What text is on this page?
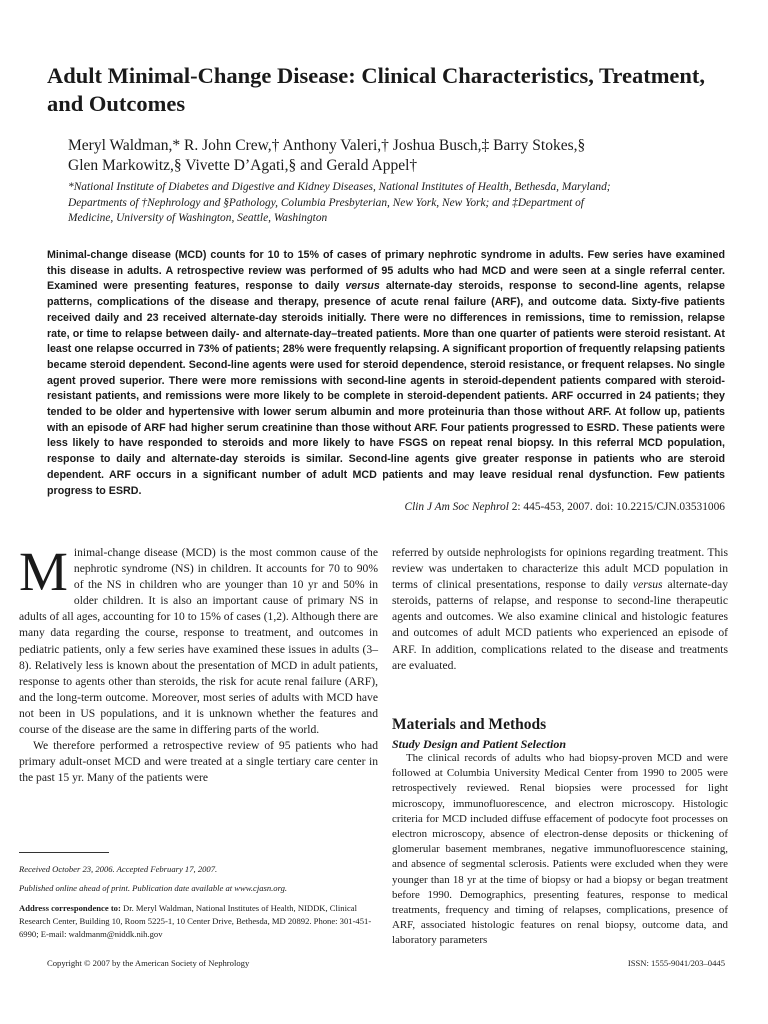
Adult Minimal-Change Disease: Clinical Characteristics, Treatment, and Outcomes
Meryl Waldman,* R. John Crew,† Anthony Valeri,† Joshua Busch,‡ Barry Stokes,§
Glen Markowitz,§ Vivette D’Agati,§ and Gerald Appel†
*National Institute of Diabetes and Digestive and Kidney Diseases, National Institutes of Health, Bethesda, Maryland;
Departments of †Nephrology and §Pathology, Columbia Presbyterian, New York, New York; and ‡Department of
Medicine, University of Washington, Seattle, Washington
Minimal-change disease (MCD) counts for 10 to 15% of cases of primary nephrotic syndrome in adults. Few series have examined this disease in adults. A retrospective review was performed of 95 adults who had MCD and were seen at a single referral center. Examined were presenting features, response to daily versus alternate-day steroids, response to second-line agents, relapse patterns, complications of the disease and therapy, presence of acute renal failure (ARF), and outcome data. Sixty-five patients received daily and 23 received alternate-day steroids initially. There were no differences in remissions, time to remission, relapse rate, or time to relapse between daily- and alternate-day–treated patients. More than one quarter of patients were steroid resistant. At least one relapse occurred in 73% of patients; 28% were frequently relapsing. A significant proportion of frequently relapsing patients became steroid dependent. Second-line agents were used for steroid dependence, steroid resistance, or frequent relapses. No single agent proved superior. There were more remissions with second-line agents in steroid-dependent patients compared with steroid-resistant patients, and remissions were more likely to be complete in steroid-dependent patients. ARF occurred in 24 patients; they tended to be older and hypertensive with lower serum albumin and more proteinuria than those without ARF. At follow up, patients with an episode of ARF had higher serum creatinine than those without ARF. Four patients progressed to ESRD. These patients were less likely to have responded to steroids and more likely to have FSGS on repeat renal biopsy. In this referral MCD population, response to daily and alternate-day steroids is similar. Second-line agents give greater response in patients who are steroid dependent. ARF occurs in a significant number of adult MCD patients and may leave residual renal dysfunction. Few patients progress to ESRD.
Clin J Am Soc Nephrol 2: 445-453, 2007. doi: 10.2215/CJN.03531006

Minimal-change disease (MCD) is the most common cause of the nephrotic syndrome (NS) in children. It accounts for 70 to 90% of the NS in children who are younger than 10 yr and 50% in older children. It is also an important cause of primary NS in adults of all ages, accounting for 10 to 15% of cases (1,2). Although there are many data regarding the course, response to treatment, and outcomes in pediatric patients, only a few series have examined these issues in adults (3–8). Relatively less is known about the presentation of MCD in adult patients, response to agents other than steroids, the risk for acute renal failure (ARF), and the long-term outcome. Moreover, most series of adults with MCD have not been in US populations, and it is unknown whether the features and course of the disease are the same in differing parts of the world.

We therefore performed a retrospective review of 95 patients who had primary adult-onset MCD and were treated at a single tertiary care center in the past 15 yr. Many of the patients were

referred by outside nephrologists for opinions regarding treatment. This review was undertaken to characterize this adult MCD population in terms of clinical presentations, response to daily versus alternate-day steroids, patterns of relapse, and response to second-line therapeutic agents and outcomes. We also examine clinical and histologic features and outcomes of adult MCD patients who experienced an episode of ARF. In addition, complications related to the disease and treatments are evaluated.

Materials and Methods
Study Design and Patient Selection

The clinical records of adults who had biopsy-proven MCD and were followed at Columbia University Medical Center from 1990 to 2005 were retrospectively reviewed. Renal biopsies were processed for light microscopy, immunofluorescence, and electron microscopy. Histologic criteria for MCD included diffuse effacement of podocyte foot processes on electron microscopy, absence of electron-dense deposits or thickening of glomerular basement membranes, negative immunofluorescence staining, and absence of segmental sclerosis. Patients were excluded when they were younger than 18 yr at the time of biopsy or had a biopsy or began treatment before 1990. Demographics, presenting features, response to medical treatments, frequency and timing of relapses, complications, presence of ARF, associated histologic features on renal biopsy, outcome data, and laboratory parameters

Received October 23, 2006. Accepted February 17, 2007.
Published online ahead of print. Publication date available at www.cjasn.org.
Address correspondence to: Dr. Meryl Waldman, National Institutes of Health, NIDDK, Clinical Research Center, Building 10, Room 5225-1, 10 Center Drive, Bethesda, MD 20892. Phone: 301-451-6990; E-mail: waldmanm@niddk.nih.gov
Copyright © 2007 by the American Society of Nephrology	ISSN: 1555-9041/203–0445
